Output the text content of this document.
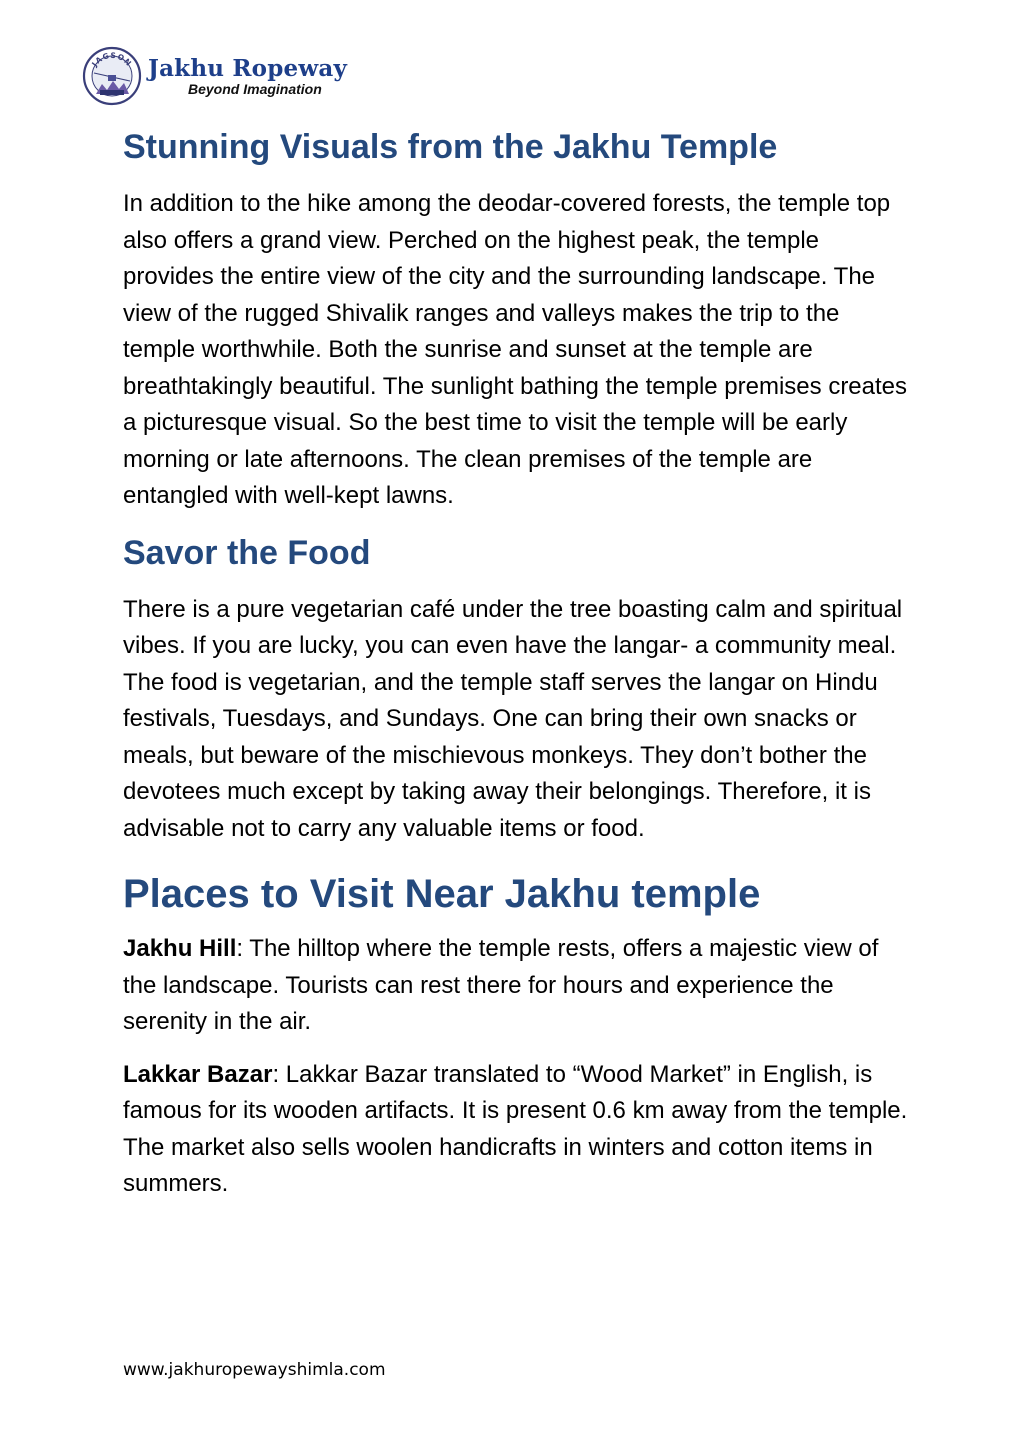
JAGSON Jakhu Ropeway
Beyond Imagination
Stunning Visuals from the Jakhu Temple

In addition to the hike among the deodar-covered forests, the temple top also offers a grand view. Perched on the highest peak, the temple provides the entire view of the city and the surrounding landscape. The view of the rugged Shivalik ranges and valleys makes the trip to the temple worthwhile. Both the sunrise and sunset at the temple are breathtakingly beautiful. The sunlight bathing the temple premises creates a picturesque visual. So the best time to visit the temple will be early morning or late afternoons. The clean premises of the temple are entangled with well-kept lawns.

Savor the Food

There is a pure vegetarian café under the tree boasting calm and spiritual vibes. If you are lucky, you can even have the langar- a community meal. The food is vegetarian, and the temple staff serves the langar on Hindu festivals, Tuesdays, and Sundays. One can bring their own snacks or meals, but beware of the mischievous monkeys. They don’t bother the devotees much except by taking away their belongings. Therefore, it is advisable not to carry any valuable items or food.

Places to Visit Near Jakhu temple

Jakhu Hill: The hilltop where the temple rests, offers a majestic view of the landscape. Tourists can rest there for hours and experience the serenity in the air.

Lakkar Bazar: Lakkar Bazar translated to “Wood Market” in English, is famous for its wooden artifacts. It is present 0.6 km away from the temple. The market also sells woolen handicrafts in winters and cotton items in summers.

www.jakhuropewayshimla.com
